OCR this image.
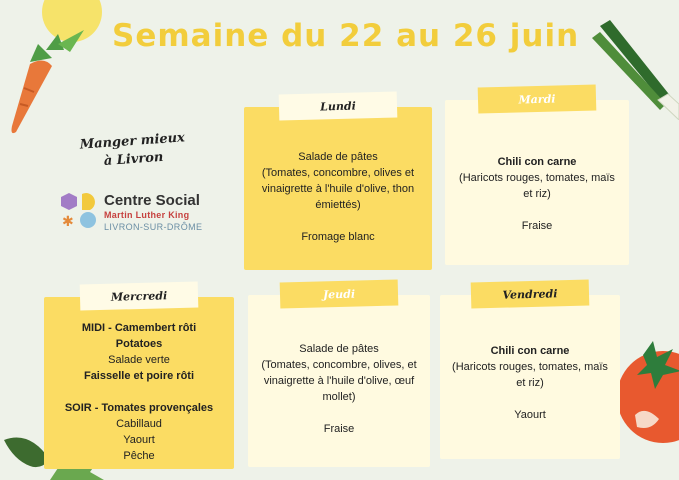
Semaine du 22 au 26 juin
Manger mieux
à Livron
✱
Centre Social
Martin Luther King
LIVRON-SUR-DRÔME
Lundi
Salade de pâtes
(Tomates, concombre, olives et vinaigrette à l'huile d'olive, thon émiettés)
Fromage blanc
Mardi
Chili con carne
(Haricots rouges, tomates, maïs et riz)
Fraise
Mercredi
MIDI - Camembert rôti
Potatoes
Salade verte
Faisselle et poire rôti
SOIR - Tomates provençales
Cabillaud
Yaourt
Pêche
Jeudi
Salade de pâtes
(Tomates, concombre, olives, et vinaigrette à l'huile d'olive, œuf mollet)
Fraise
Vendredi
Chili con carne
(Haricots rouges, tomates, maïs et riz)
Yaourt
